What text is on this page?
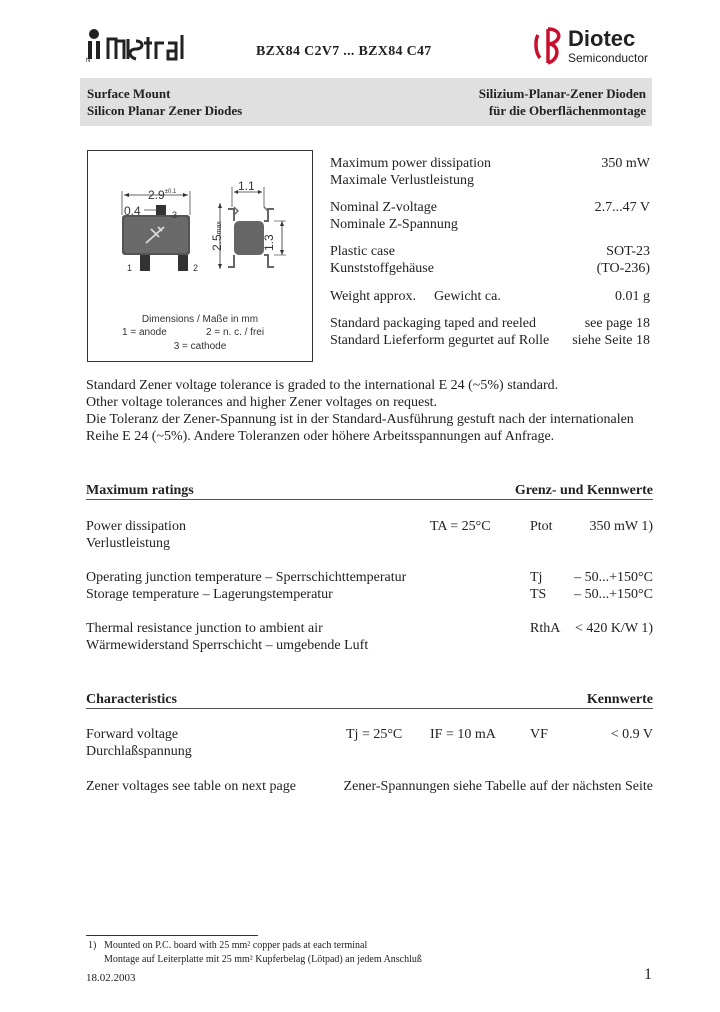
N
BZX84 C2V7 ... BZX84 C47
Diotec
Semiconductor
Surface Mount
Silicon Planar Zener Diodes
Silizium-Planar-Zener Dioden
für die Oberflächenmontage
$2.9^{\pm 0.1}$
0.4	3
1	2
1.1
2.5max
1.3
Dimensions / Maße in mm
1 = anode	2 = n. c. / frei
3 = cathode
Maximum power dissipation
Maximale Verlustleistung
350 mW
Nominal Z-voltage
Nominale Z-Spannung
2.7...47 V
Plastic case
Kunststoffgehäuse
SOT-23
(TO-236)
Weight approx. Gewicht ca.	0.01 g
Standard packaging taped and reeled	see page 18
Standard Lieferform gegurtet auf Rolle siehe Seite 18
Standard Zener voltage tolerance is graded to the international E 24 (~5%) standard.
Other voltage tolerances and higher Zener voltages on request.
Die Toleranz der Zener-Spannung ist in der Standard-Ausführung gestuft nach der internationalen
Reihe E 24 (~5%). Andere Toleranzen oder höhere Arbeitsspannungen auf Anfrage.
Maximum ratings	Grenz- und Kennwerte
Power dissipation
Verlustleistung
TA = 25°C	Ptot	350 mW 1)
Operating junction temperature – Sperrschichttemperatur	Tj – 50...+150°C
Storage temperature – Lagerungstemperatur	TS – 50...+150°C
Thermal resistance junction to ambient air
Wärmewiderstand Sperrschicht – umgebende Luft
RthA < 420 K/W 1)
Characteristics	Kennwerte
Forward voltage
Durchlaßspannung
Tj = 25°C IF = 10 mA VF	< 0.9 V
Zener voltages see table on next page	Zener-Spannungen siehe Tabelle auf der nächsten Seite
1) Mounted on P.C. board with 25 mm² copper pads at each terminal
Montage auf Leiterplatte mit 25 mm² Kupferbelag (Lötpad) an jedem Anschluß
18.02.2003	1
